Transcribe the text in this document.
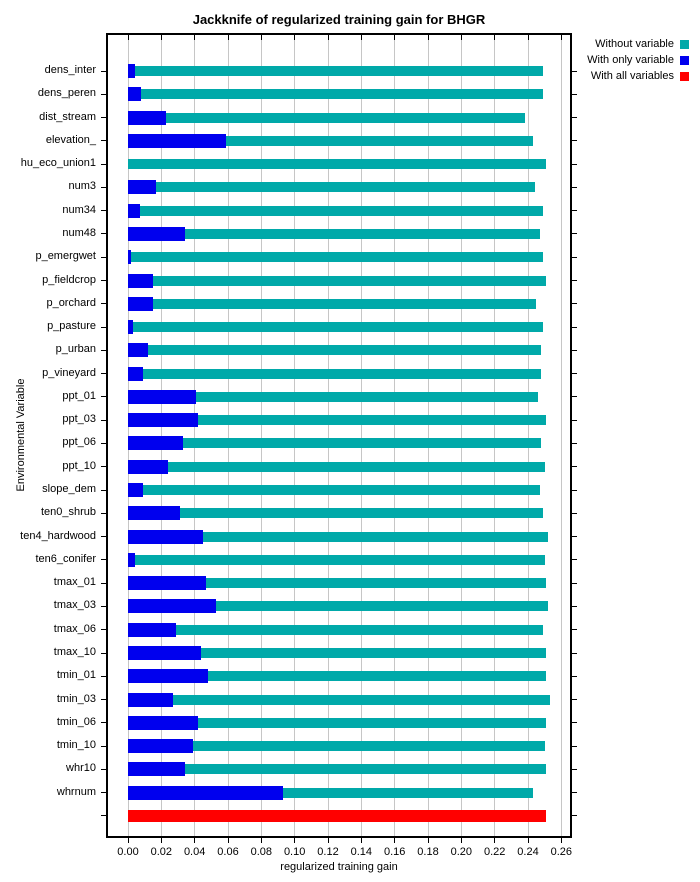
Jackknife of regularized training gain for BHGR
Without variable
With only variable
With all variables
0.00	0.02	0.04	0.06	0.08	0.10	0.12	0.14	0.16	0.18	0.20	0.22	0.24	0.26
dens_inter
dens_peren
dist_stream
elevation_
hu_eco_union1
num3
num34
num48
p_emergwet
p_fieldcrop
p_orchard
p_pasture
p_urban
p_vineyard
ppt_01
ppt_03
ppt_06
ppt_10
slope_dem
ten0_shrub
ten4_hardwood
ten6_conifer
tmax_01
tmax_03
tmax_06
tmax_10
tmin_01
tmin_03
tmin_06
tmin_10
whr10
whrnum
regularized training gain
Environmental Variable
